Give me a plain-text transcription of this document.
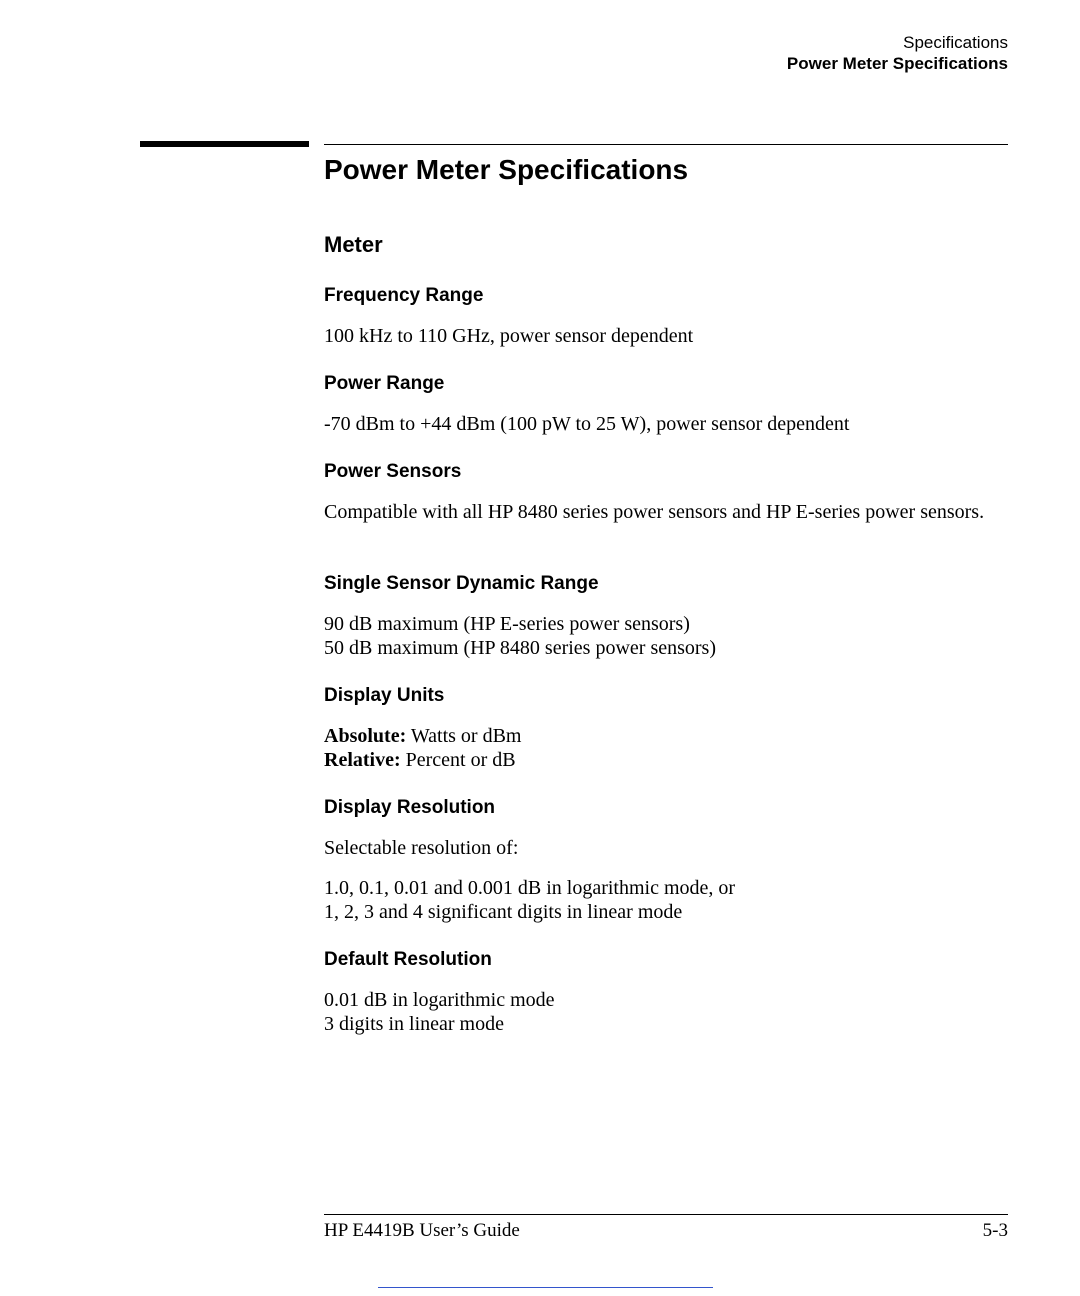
Specifications
Power Meter Specifications
Power Meter Specifications
Meter
Frequency Range

100 kHz to 110 GHz, power sensor dependent

Power Range

-70 dBm to +44 dBm (100 pW to 25 W), power sensor dependent

Power Sensors

Compatible with all HP 8480 series power sensors and HP E-series power sensors.

Single Sensor Dynamic Range

90 dB maximum (HP E-series power sensors)
50 dB maximum (HP 8480 series power sensors)

Display Units

Absolute: Watts or dBm
Relative: Percent or dB

Display Resolution

Selectable resolution of:

1.0, 0.1, 0.01 and 0.001 dB in logarithmic mode, or
1, 2, 3 and 4 significant digits in linear mode

Default Resolution

0.01 dB in logarithmic mode
3 digits in linear mode

HP E4419B User’s Guide	5-3
